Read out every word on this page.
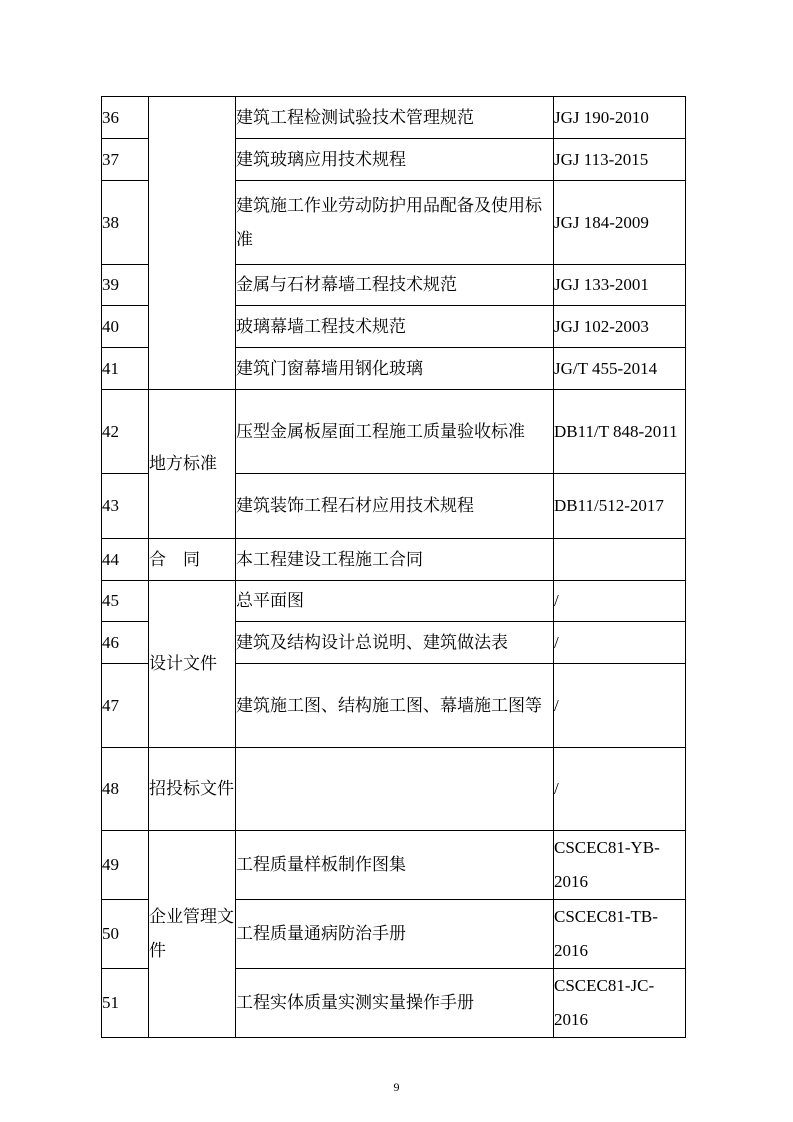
36		建筑工程检测试验技术管理规范	JGJ 190-2010
37		建筑玻璃应用技术规程	JGJ 113-2015
38		建筑施工作业劳动防护用品配备及使用标准	JGJ 184-2009
39		金属与石材幕墙工程技术规范	JGJ 133-2001
40		玻璃幕墙工程技术规范	JGJ 102-2003
41		建筑门窗幕墙用钢化玻璃	JG/T 455-2014
42	地方标准	压型金属板屋面工程施工质量验收标准	DB11/T 848-2011
43		建筑装饰工程石材应用技术规程	DB11/512-2017
44	合　同	本工程建设工程施工合同	
45	设计文件	总平面图	/
46		建筑及结构设计总说明、建筑做法表	/
47		建筑施工图、结构施工图、幕墙施工图等	/
48	招投标文件		/
49	企业管理文 件	工程质量样板制作图集	CSCEC81-YB-2016
50		工程质量通病防治手册	CSCEC81-TB-2016
51		工程实体质量实测实量操作手册	CSCEC81-JC-2016
9
